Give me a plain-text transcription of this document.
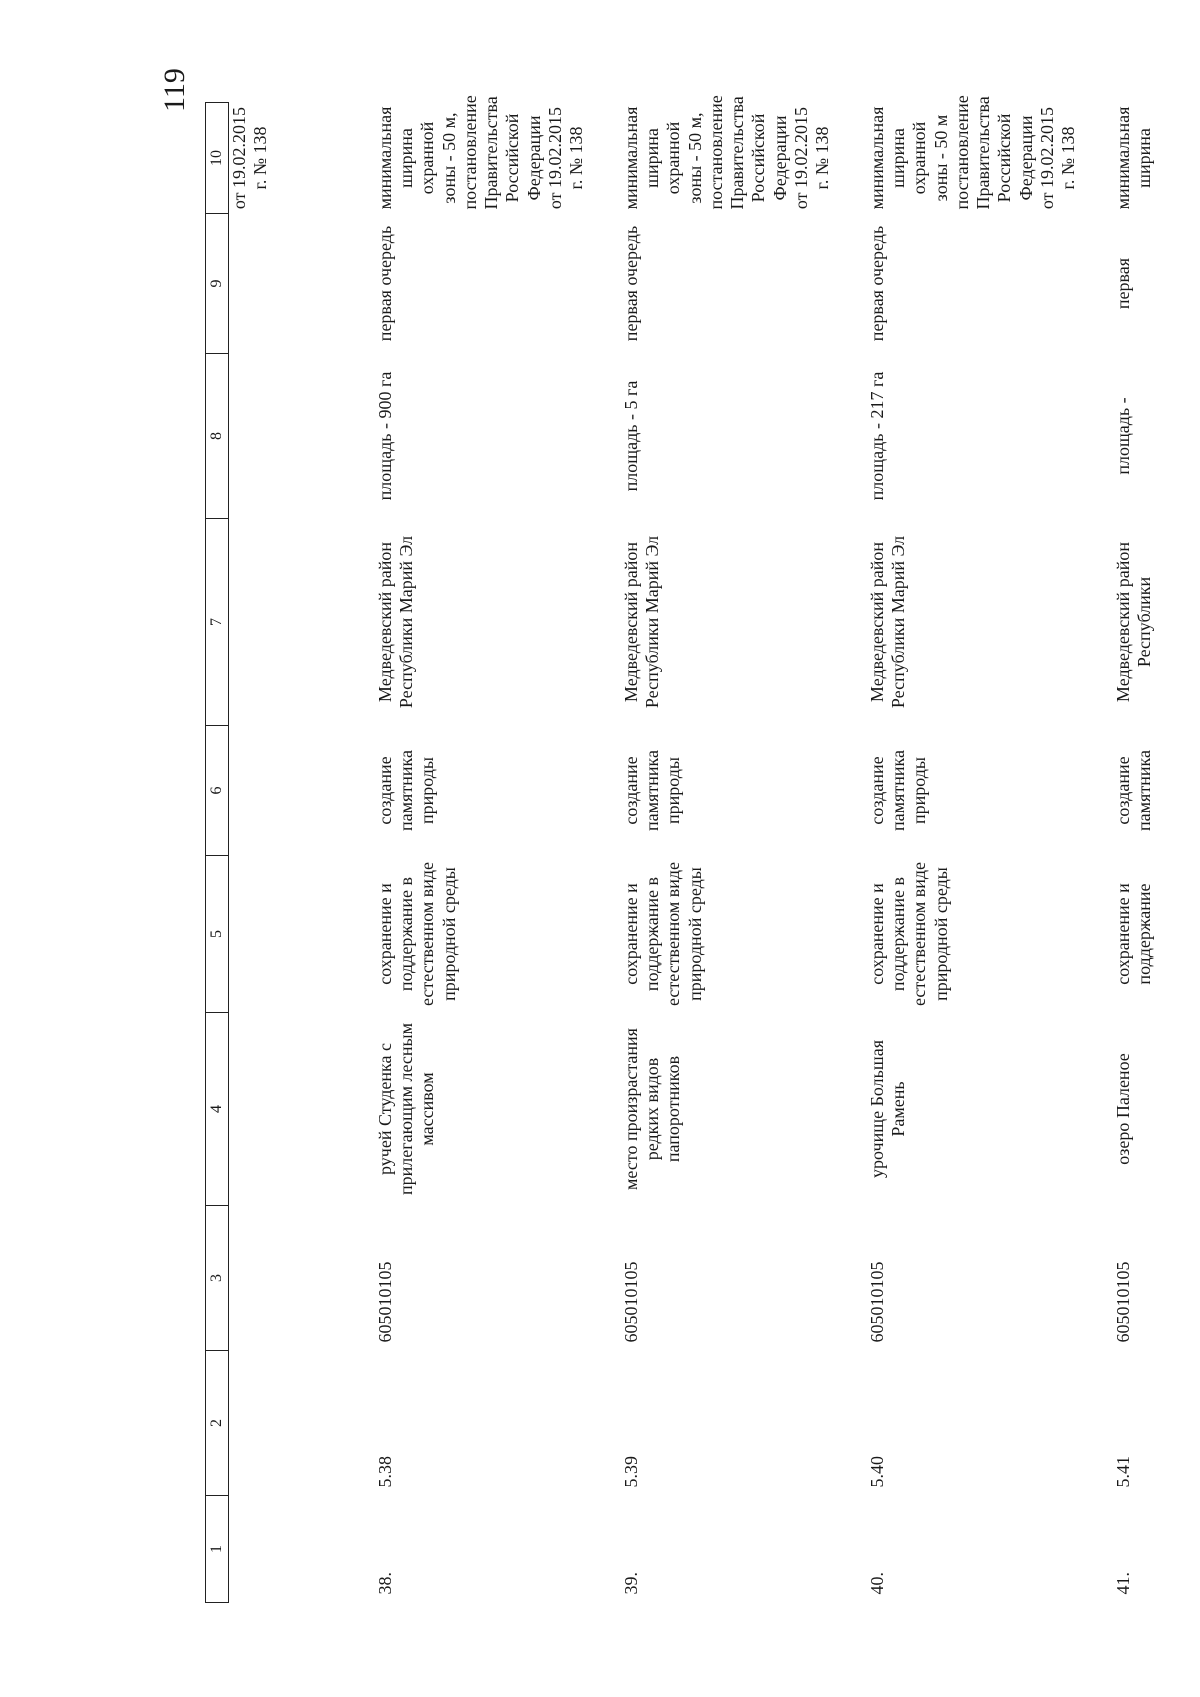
119
1	2	3	4	5	6	7	8	9	10
									от 19.02.2015 г. № 138
38.	5.38	605010105	ручей Студенка с прилегающим лесным массивом	сохранение и поддержание в естественном виде природной среды	создание памятника природы	Медведевский район Республики Марий Эл	площадь - 900 га	первая очередь	минимальная ширина охранной зоны - 50 м, постановление Правительства Российской Федерации от 19.02.2015 г. № 138
39.	5.39	605010105	место произрастания редких видов папоротников	сохранение и поддержание в естественном виде природной среды	создание памятника природы	Медведевский район Республики Марий Эл	площадь - 5 га	первая очередь	минимальная ширина охранной зоны - 50 м, постановление Правительства Российской Федерации от 19.02.2015 г. № 138
40.	5.40	605010105	урочище Большая Рамень	сохранение и поддержание в естественном виде природной среды	создание памятника природы	Медведевский район Республики Марий Эл	площадь - 217 га	первая очередь	минимальная ширина охранной зоны - 50 м постановление Правительства Российской Федерации от 19.02.2015 г. № 138
41.	5.41	605010105	озеро Паленое	сохранение и поддержание	создание памятника	Медведевский район Республики	площадь -	первая	минимальная ширина
